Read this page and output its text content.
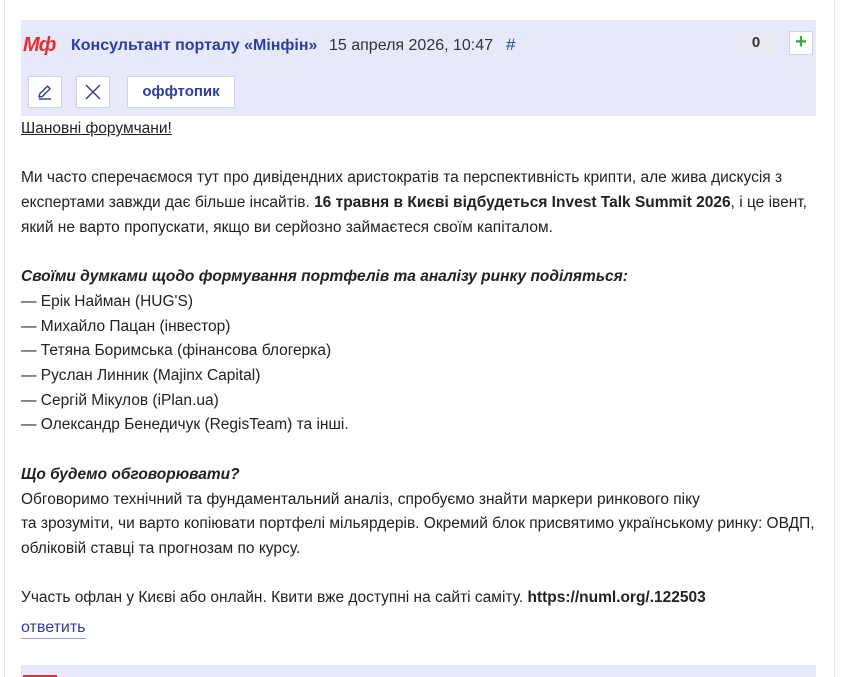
Мф Консультант порталу «Мінфін» 15 апреля 2026, 10:47 #	0	+
оффтопик

Шановні форумчани!

Ми часто сперечаємося тут про дивідендних аристократів та перспективність крипти, але жива дискусія з експертами завжди дає більше інсайтів. 16 травня в Києві відбудеться Invest Talk Summit 2026, і це івент, який не варто пропускати, якщо ви серйозно займаєтеся своїм капіталом.

Своїми думками щодо формування портфелів та аналізу ринку поділяться:

— Ерік Найман (HUG'S)

— Михайло Пацан (інвестор)

— Тетяна Боримська (фінансова блогерка)

— Руслан Линник (Majinx Capital)

— Сергій Мікулов (iPlan.ua)

— Олександр Бенедичук (RegisTeam) та інші.

Що будемо обговорювати?

Обговоримо технічний та фундаментальний аналіз, спробуємо знайти маркери ринкового піку

та зрозуміти, чи варто копіювати портфелі мільярдерів. Окремий блок присвятимо українському ринку: ОВДП, обліковій ставці та прогнозам по курсу.

Участь офлан у Києві або онлайн. Квити вже доступні на сайті саміту. https://numl.org/.122503

ответить
